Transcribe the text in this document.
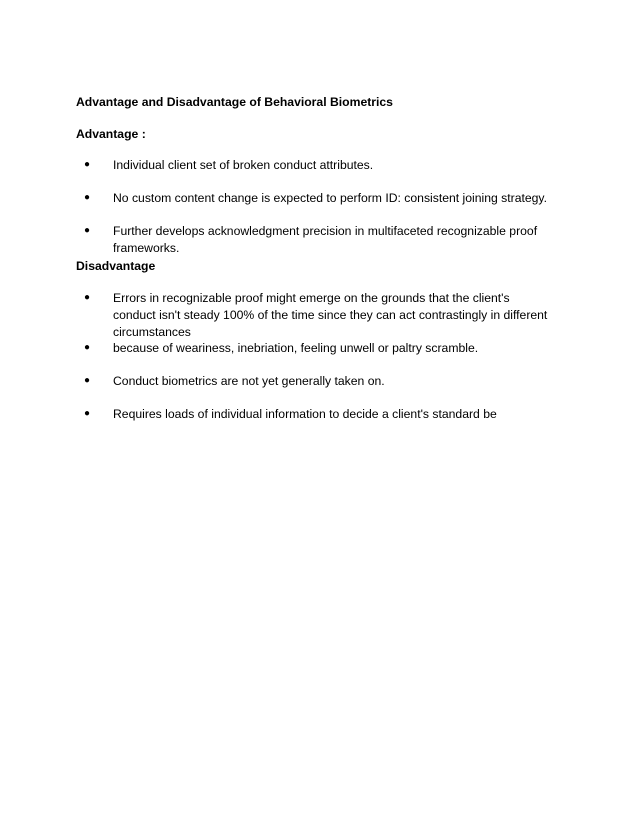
Advantage and Disadvantage of Behavioral Biometrics
Advantage :
● Individual client set of broken conduct attributes.
● No custom content change is expected to perform ID: consistent joining strategy.
● Further develops acknowledgment precision in multifaceted recognizable proof
frameworks.
Disadvantage
● Errors in recognizable proof might emerge on the grounds that the client's
conduct isn't steady 100% of the time since they can act contrastingly in different
circumstances
● because of weariness, inebriation, feeling unwell or paltry scramble.
● Conduct biometrics are not yet generally taken on.
● Requires loads of individual information to decide a client's standard be
